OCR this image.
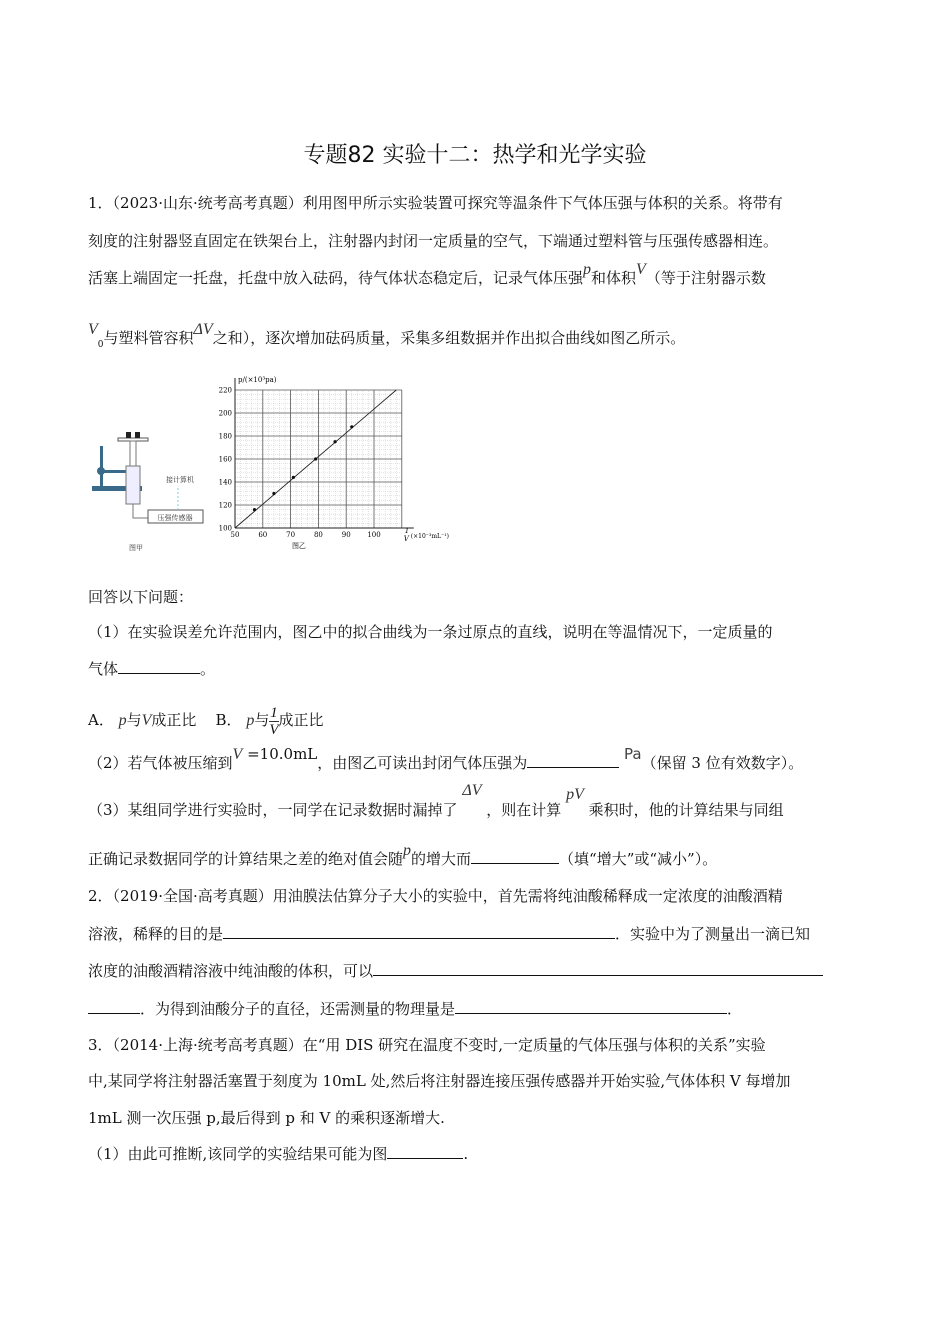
专题82 实验十二：热学和光学实验
1．（2023·山东·统考高考真题）利用图甲所示实验装置可探究等温条件下气体压强与体积的关系。将带有
刻度的注射器竖直固定在铁架台上，注射器内封闭一定质量的空气，下端通过塑料管与压强传感器相连。
活塞上端固定一托盘，托盘中放入砝码，待气体状态稳定后，记录气体压强p和体积V（等于注射器示数
$V_0$与塑料管容积ΔV之和），逐次增加砝码质量，采集多组数据并作出拟合曲线如图乙所示。
压强传感器
接计算机
图甲
50	60	70	80	90 100
100
120
140
160
180
200
220
p/(×10³pa)
1
V (×10⁻³mL⁻¹)
图乙
回答以下问题：
（1）在实验误差允许范围内，图乙中的拟合曲线为一条过原点的直线，说明在等温情况下，一定质量的
气体	。
A． p与V成正比 B． p与 $\frac{1}{V}$ 成正比
（2）若气体被压缩到V =10.0mL，由图乙可读出封闭气体压强为	Pa（保留 3 位有效数字）。
（3）某组同学进行实验时，一同学在记录数据时漏掉了 ΔV ，则在计算 pV 乘积时，他的计算结果与同组
正确记录数据同学的计算结果之差的绝对值会随p的增大而	（填“增大”或“减小”）。
2．（2019·全国·高考真题）用油膜法估算分子大小的实验中，首先需将纯油酸稀释成一定浓度的油酸酒精
溶液，稀释的目的是	．实验中为了测量出一滴已知
浓度的油酸酒精溶液中纯油酸的体积，可以
．为得到油酸分子的直径，还需测量的物理量是	．
3．（2014·上海·统考高考真题）在“用 DIS 研究在温度不变时,一定质量的气体压强与体积的关系”实验
中,某同学将注射器活塞置于刻度为 10mL 处,然后将注射器连接压强传感器并开始实验,气体体积 V 每增加
1mL 测一次压强 p,最后得到 p 和 V 的乘积逐渐增大.
（1）由此可推断,该同学的实验结果可能为图	.
